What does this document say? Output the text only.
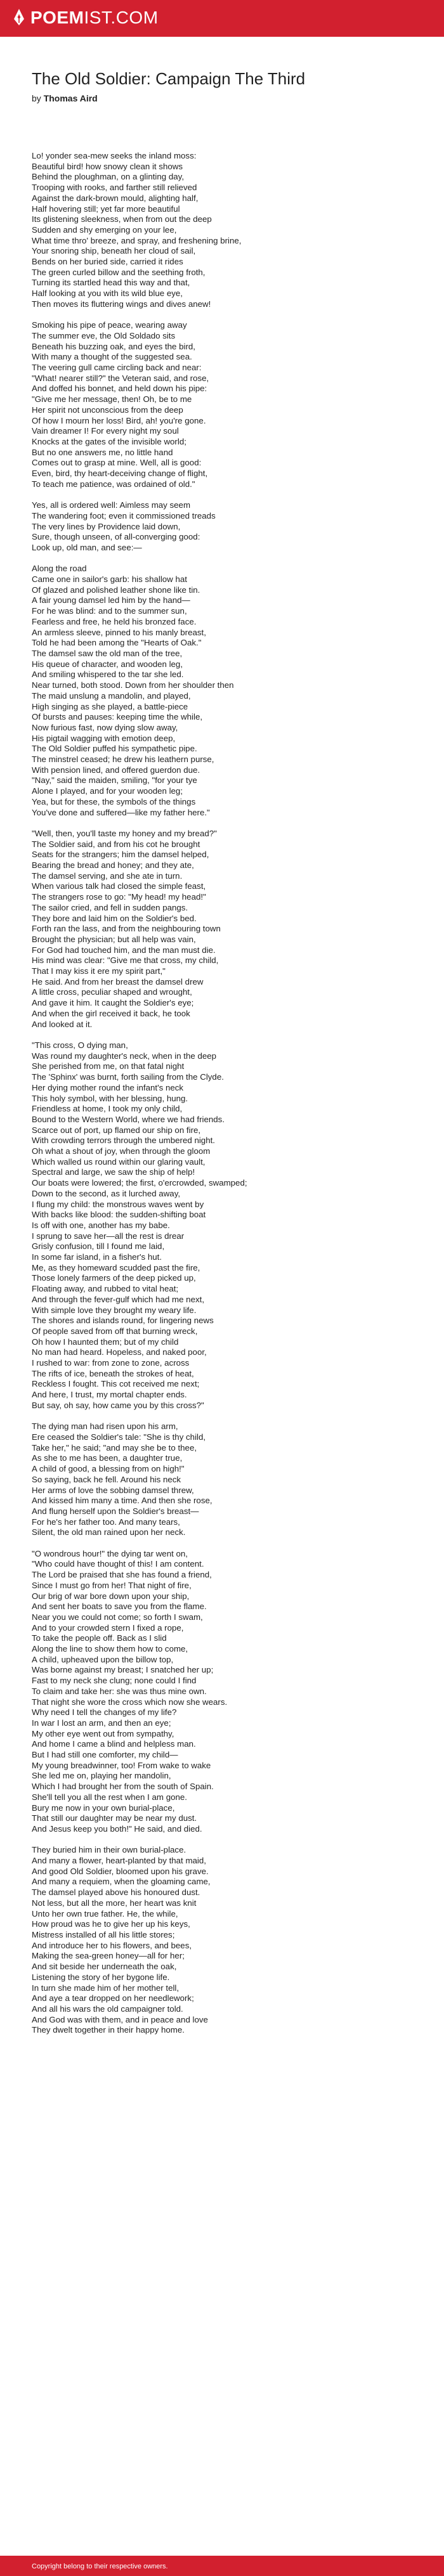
POEMIST.COM
The Old Soldier: Campaign The Third
by Thomas Aird

Lo! yonder sea-mew seeks the inland moss:
Beautiful bird! how snowy clean it shows
Behind the ploughman, on a glinting day,
Trooping with rooks, and farther still relieved
Against the dark-brown mould, alighting half,
Half hovering still; yet far more beautiful
Its glistening sleekness, when from out the deep
Sudden and shy emerging on your lee,
What time thro' breeze, and spray, and freshening brine,
Your snoring ship, beneath her cloud of sail,
Bends on her buried side, carried it rides
The green curled billow and the seething froth,
Turning its startled head this way and that,
Half looking at you with its wild blue eye,
Then moves its fluttering wings and dives anew!

Smoking his pipe of peace, wearing away
The summer eve, the Old Soldado sits
Beneath his buzzing oak, and eyes the bird,
With many a thought of the suggested sea.
The veering gull came circling back and near:
"What! nearer still?" the Veteran said, and rose,
And doffed his bonnet, and held down his pipe:
"Give me her message, then! Oh, be to me
Her spirit not unconscious from the deep
Of how I mourn her loss! Bird, ah! you're gone.
Vain dreamer I! For every night my soul
Knocks at the gates of the invisible world;
But no one answers me, no little hand
Comes out to grasp at mine. Well, all is good:
Even, bird, thy heart-deceiving change of flight,
To teach me patience, was ordained of old."

Yes, all is ordered well: Aimless may seem
The wandering foot; even it commissioned treads
The very lines by Providence laid down,
Sure, though unseen, of all-converging good:
Look up, old man, and see:—

Along the road
Came one in sailor's garb: his shallow hat
Of glazed and polished leather shone like tin.
A fair young damsel led him by the hand—
For he was blind: and to the summer sun,
Fearless and free, he held his bronzed face.
An armless sleeve, pinned to his manly breast,
Told he had been among the "Hearts of Oak."
The damsel saw the old man of the tree,
His queue of character, and wooden leg,
And smiling whispered to the tar she led.
Near turned, both stood. Down from her shoulder then
The maid unslung a mandolin, and played,
High singing as she played, a battle-piece
Of bursts and pauses: keeping time the while,
Now furious fast, now dying slow away,
His pigtail wagging with emotion deep,
The Old Soldier puffed his sympathetic pipe.
The minstrel ceased; he drew his leathern purse,
With pension lined, and offered guerdon due.
"Nay," said the maiden, smiling, "for your tye
Alone I played, and for your wooden leg;
Yea, but for these, the symbols of the things
You've done and suffered—like my father here."

"Well, then, you'll taste my honey and my bread?"
The Soldier said, and from his cot he brought
Seats for the strangers; him the damsel helped,
Bearing the bread and honey; and they ate,
The damsel serving, and she ate in turn.
When various talk had closed the simple feast,
The strangers rose to go: "My head! my head!"
The sailor cried, and fell in sudden pangs.
They bore and laid him on the Soldier's bed.
Forth ran the lass, and from the neighbouring town
Brought the physician; but all help was vain,
For God had touched him, and the man must die.
His mind was clear: "Give me that cross, my child,
That I may kiss it ere my spirit part,"
He said. And from her breast the damsel drew
A little cross, peculiar shaped and wrought,
And gave it him. It caught the Soldier's eye;
And when the girl received it back, he took
And looked at it.

"This cross, O dying man,
Was round my daughter's neck, when in the deep
She perished from me, on that fatal night
The 'Sphinx' was burnt, forth sailing from the Clyde.
Her dying mother round the infant's neck
This holy symbol, with her blessing, hung.
Friendless at home, I took my only child,
Bound to the Western World, where we had friends.
Scarce out of port, up flamed our ship on fire,
With crowding terrors through the umbered night.
Oh what a shout of joy, when through the gloom
Which walled us round within our glaring vault,
Spectral and large, we saw the ship of help!
Our boats were lowered; the first, o'ercrowded, swamped;
Down to the second, as it lurched away,
I flung my child: the monstrous waves went by
With backs like blood: the sudden-shifting boat
Is off with one, another has my babe.
I sprung to save her—all the rest is drear
Grisly confusion, till I found me laid,
In some far island, in a fisher's hut.
Me, as they homeward scudded past the fire,
Those lonely farmers of the deep picked up,
Floating away, and rubbed to vital heat;
And through the fever-gulf which had me next,
With simple love they brought my weary life.
The shores and islands round, for lingering news
Of people saved from off that burning wreck,
Oh how I haunted them; but of my child
No man had heard. Hopeless, and naked poor,
I rushed to war: from zone to zone, across
The rifts of ice, beneath the strokes of heat,
Reckless I fought. This cot received me next;
And here, I trust, my mortal chapter ends.
But say, oh say, how came you by this cross?"

The dying man had risen upon his arm,
Ere ceased the Soldier's tale: "She is thy child,
Take her," he said; "and may she be to thee,
As she to me has been, a daughter true,
A child of good, a blessing from on high!"
So saying, back he fell. Around his neck
Her arms of love the sobbing damsel threw,
And kissed him many a time. And then she rose,
And flung herself upon the Soldier's breast—
For he's her father too. And many tears,
Silent, the old man rained upon her neck.

"O wondrous hour!" the dying tar went on,
"Who could have thought of this! I am content.
The Lord be praised that she has found a friend,
Since I must go from her! That night of fire,
Our brig of war bore down upon your ship,
And sent her boats to save you from the flame.
Near you we could not come; so forth I swam,
And to your crowded stern I fixed a rope,
To take the people off. Back as I slid
Along the line to show them how to come,
A child, upheaved upon the billow top,
Was borne against my breast; I snatched her up;
Fast to my neck she clung; none could I find
To claim and take her: she was thus mine own.
That night she wore the cross which now she wears.
Why need I tell the changes of my life?
In war I lost an arm, and then an eye;
My other eye went out from sympathy,
And home I came a blind and helpless man.
But I had still one comforter, my child—
My young breadwinner, too! From wake to wake
She led me on, playing her mandolin,
Which I had brought her from the south of Spain.
She'll tell you all the rest when I am gone.
Bury me now in your own burial-place,
That still our daughter may be near my dust.
And Jesus keep you both!" He said, and died.

They buried him in their own burial-place.
And many a flower, heart-planted by that maid,
And good Old Soldier, bloomed upon his grave.
And many a requiem, when the gloaming came,
The damsel played above his honoured dust.
Not less, but all the more, her heart was knit
Unto her own true father. He, the while,
How proud was he to give her up his keys,
Mistress installed of all his little stores;
And introduce her to his flowers, and bees,
Making the sea-green honey—all for her;
And sit beside her underneath the oak,
Listening the story of her bygone life.
In turn she made him of her mother tell,
And aye a tear dropped on her needlework;
And all his wars the old campaigner told.
And God was with them, and in peace and love
They dwelt together in their happy home.

Copyright belong to their respective owners.
